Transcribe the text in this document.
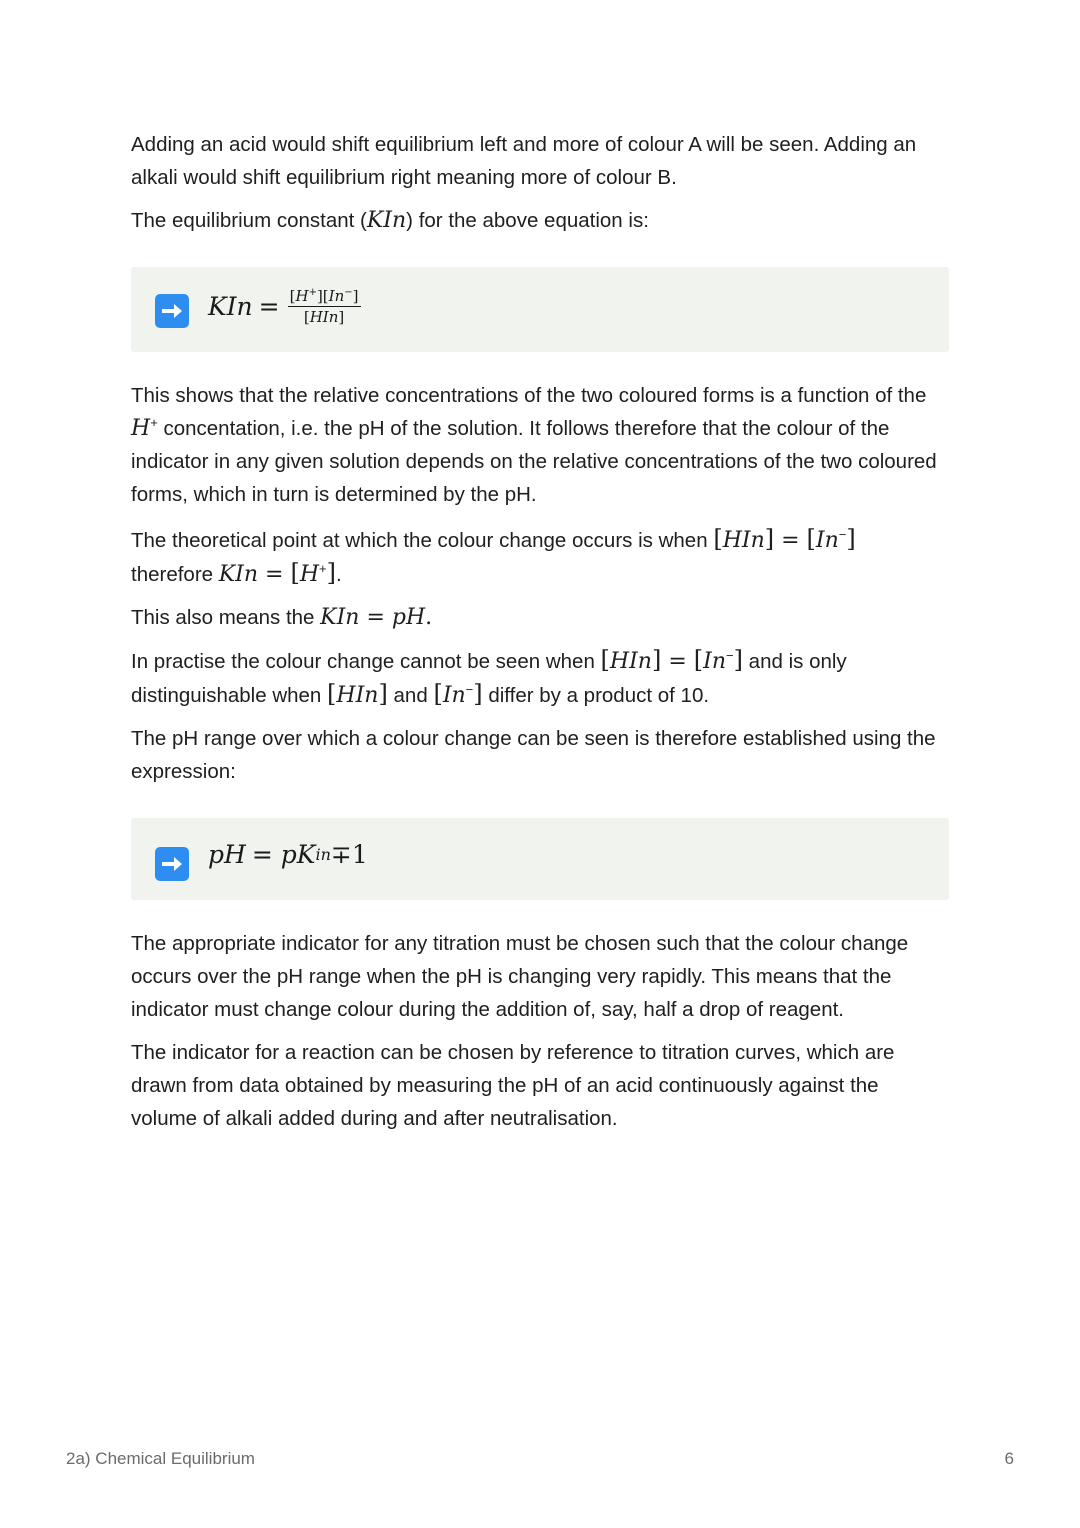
Adding an acid would shift equilibrium left and more of colour A will be seen. Adding an alkali would shift equilibrium right meaning more of colour B.

The equilibrium constant (KIn) for the above equation is:

KIn = $\frac{[H^+][In^-]}{\text{[HIn]}}$

This shows that the relative concentrations of the two coloured forms is a function of the H+ concentation, i.e. the pH of the solution. It follows therefore that the colour of the indicator in any given solution depends on the relative concentrations of the two coloured forms, which in turn is determined by the pH.

The theoretical point at which the colour change occurs is when [HIn] = [In−]
therefore KIn = [H+].

This also means the KIn = pH.

In practise the colour change cannot be seen when [HIn] = [In−] and is only distinguishable when [HIn] and [In−] differ by a product of 10.

The pH range over which a colour change can be seen is therefore established using the expression:

pH = pK in ∓ 1

The appropriate indicator for any titration must be chosen such that the colour change occurs over the pH range when the pH is changing very rapidly. This means that the indicator must change colour during the addition of, say, half a drop of reagent.

The indicator for a reaction can be chosen by reference to titration curves, which are drawn from data obtained by measuring the pH of an acid continuously against the volume of alkali added during and after neutralisation.

2a) Chemical Equilibrium	6
